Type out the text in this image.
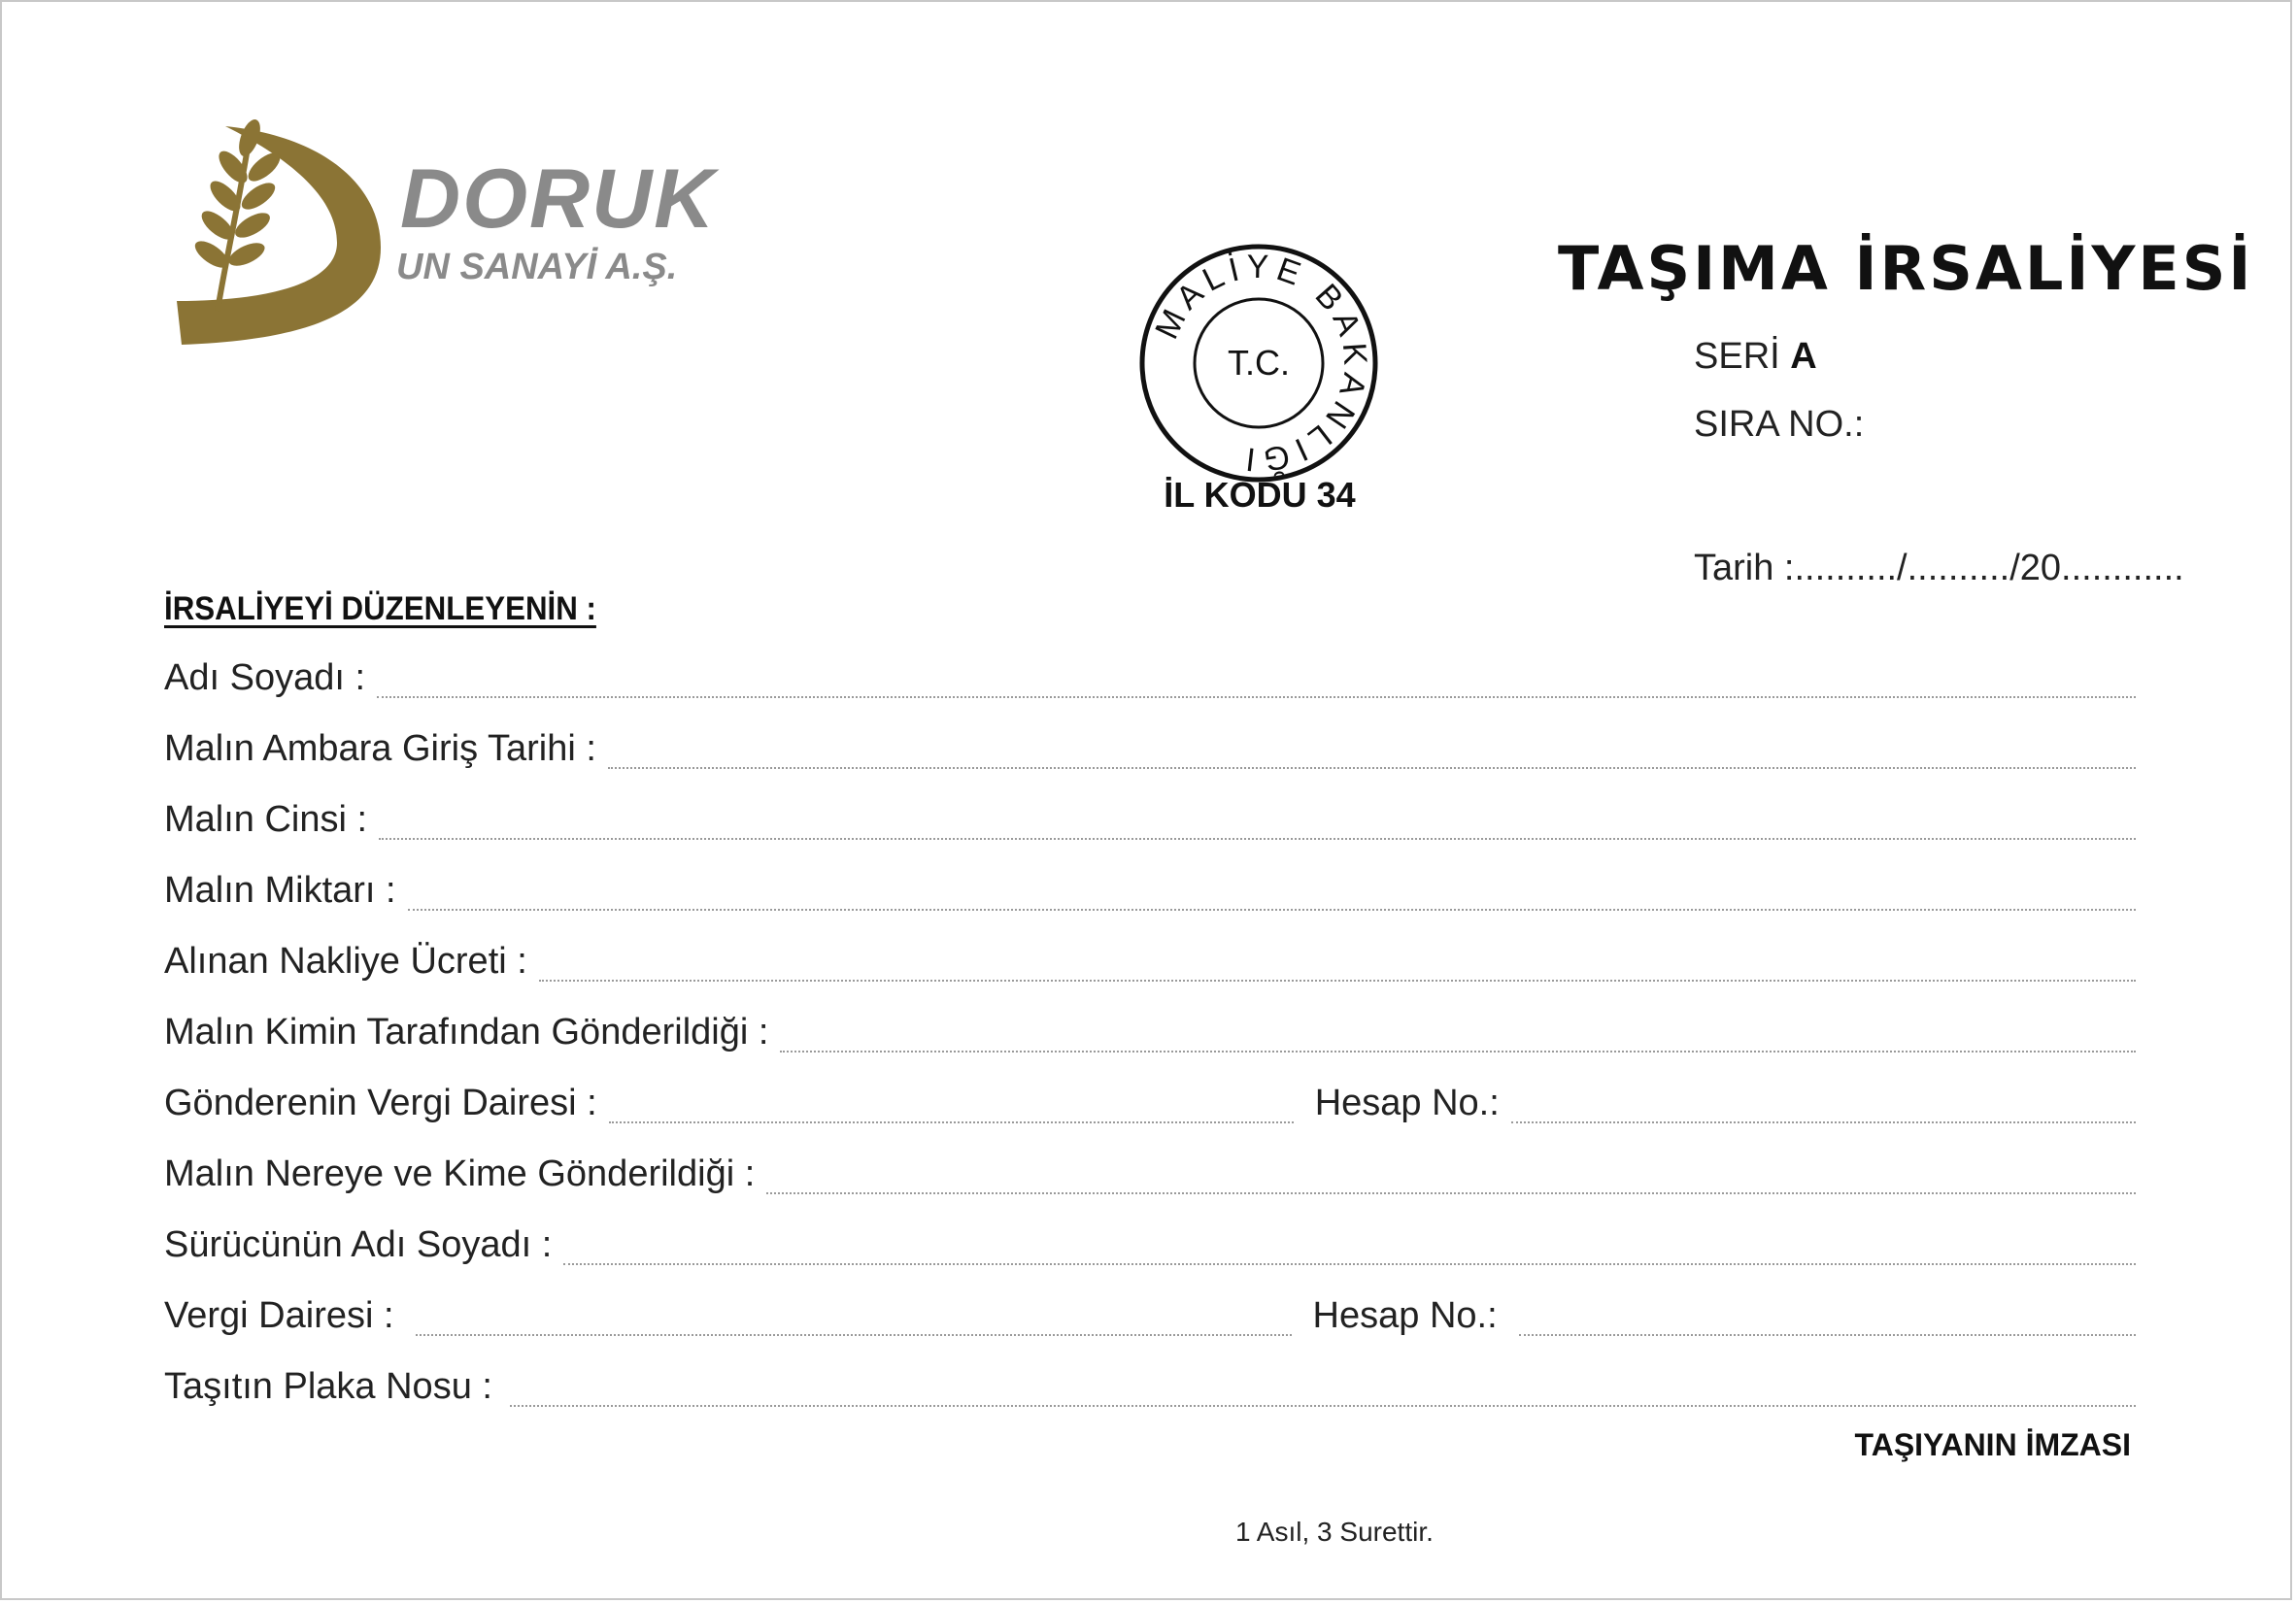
DORUK
UN SANAYİ A.Ş.
MALİYE BAKANLIĞI
T.C.
İL KODU 34
TAŞIMA İRSALİYESİ
SERİ A
SIRA NO.:
Tarih :........../........../20............
İRSALİYEYİ DÜZENLEYENİN :
Adı Soyadı :
Malın Ambara Giriş Tarihi :
Malın Cinsi :
Malın Miktarı :
Alınan Nakliye Ücreti :
Malın Kimin Tarafından Gönderildiği :
Gönderenin Vergi Dairesi :	Hesap No.:
Malın Nereye ve Kime Gönderildiği :
Sürücünün Adı Soyadı :
Vergi Dairesi :	Hesap No.:
Taşıtın Plaka Nosu :
TAŞIYANIN İMZASI
1 Asıl, 3 Surettir.
